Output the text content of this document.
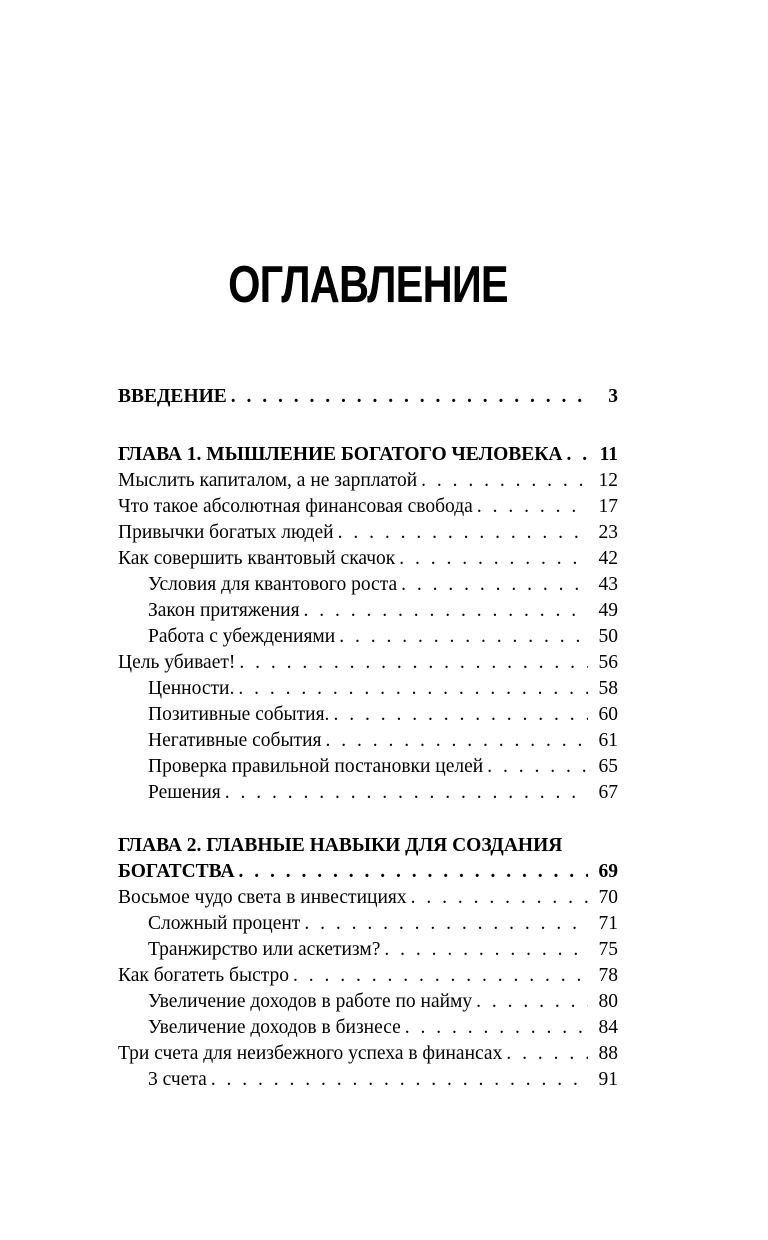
ОГЛАВЛЕНИЕ
ВВЕДЕНИЕ . . .	3
ГЛАВА 1. МЫШЛЕНИЕ БОГАТОГО ЧЕЛОВЕКА . . . 11
Мыслить капиталом, а не зарплатой . . .	12
Что такое абсолютная финансовая свобода . . .	17
Привычки богатых людей . . .	23
Как совершить квантовый скачок . . .	42
Условия для квантового роста . . .	43
Закон притяжения . . .	49
Работа с убеждениями . . .	50
Цель убивает! . . .	56
Ценности. . . .	58
Позитивные события. . . .	60
Негативные события . . .	61
Проверка правильной постановки целей . . .	65
Решения . . .	67
ГЛАВА 2. ГЛАВНЫЕ НАВЫКИ ДЛЯ СОЗДАНИЯ
БОГАТСТВА . . .	69
Восьмое чудо света в инвестициях . . .	70
Сложный процент . . .	71
Транжирство или аскетизм? . . .	75
Как богатеть быстро . . .	78
Увеличение доходов в работе по найму . . .	80
Увеличение доходов в бизнесе . . .	84
Три счета для неизбежного успеха в финансах . . .	88
3 счета . . .	91
